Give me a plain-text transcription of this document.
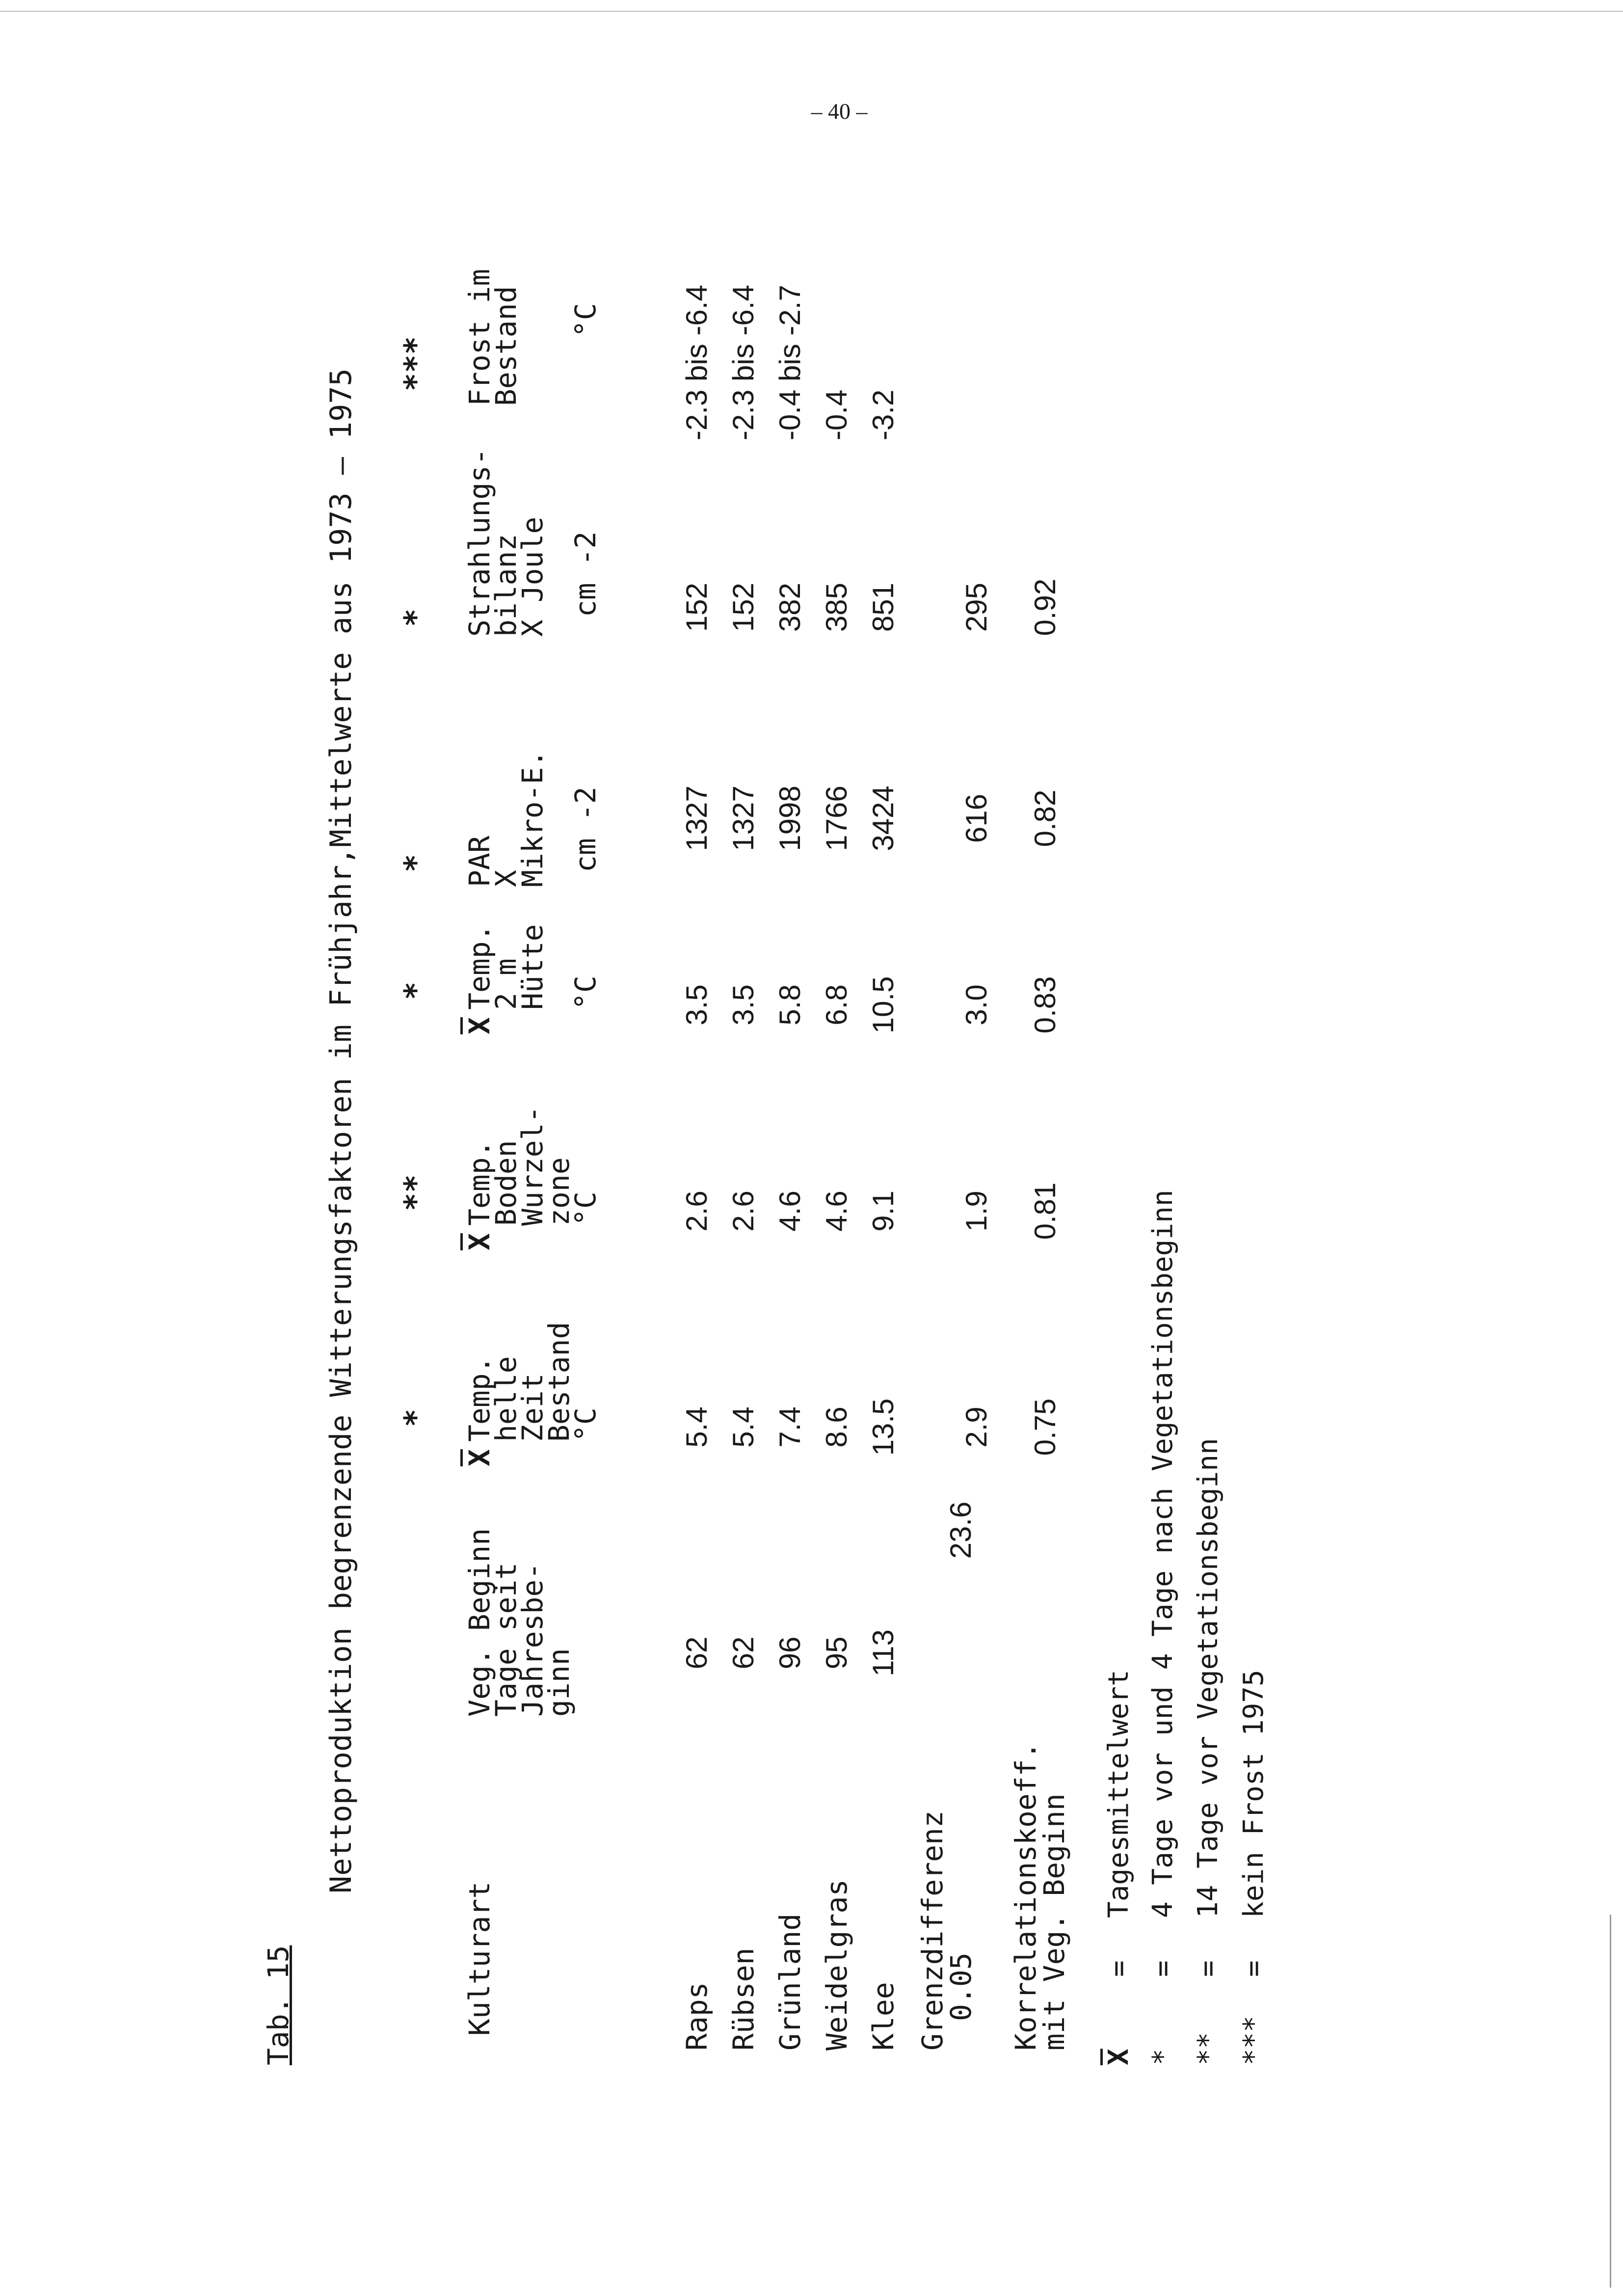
– 40 –
Tab. 15
Nettoproduktion begrenzende Witterungsfaktoren im Frühjahr,Mittelwerte aus 1973 – 1975 *
**
*
*
*
***
Kulturart
Veg. Beginn
Tage seit
Jahresbe-
ginn
$\overline{X}$
Temp.
helle
Zeit
Bestand
°C
$\overline{X}$
Temp.
Boden
Wurzel-
zone
°C
$\overline{X}$
Temp.
2 m
Hütte °C
PAR
X
Mikro-E. cm -2
Strahlungs-
bilanz
X Joule cm -2
Frost im
Bestand °C
Raps
62
5.4
2.6
3.5
1327
152
-2.3 bis -6.4
Rübsen
62
5.4
2.6
3.5
1327
152
-2.3 bis -6.4
Grünland
96
7.4
4.6
5.8
1998
382
-0.4 bis -2.7
Weidelgras
95
8.6
4.6
6.8
1766
385
-0.4
Klee
113
13.5
9.1
10.5
3424
851
-3.2
Grenzdifferenz
0.05
23.6
2.9
1.9
3.0
616
295
Korrelationskoeff.
mit Veg. Beginn
0.75
0.81
0.83
0.82
0.92
$\overline{X}$
=
Tagesmittelwert
*
=
4 Tage vor und 4 Tage nach Vegetationsbeginn
**
=
14 Tage vor Vegetationsbeginn
***
=
kein Frost 1975
